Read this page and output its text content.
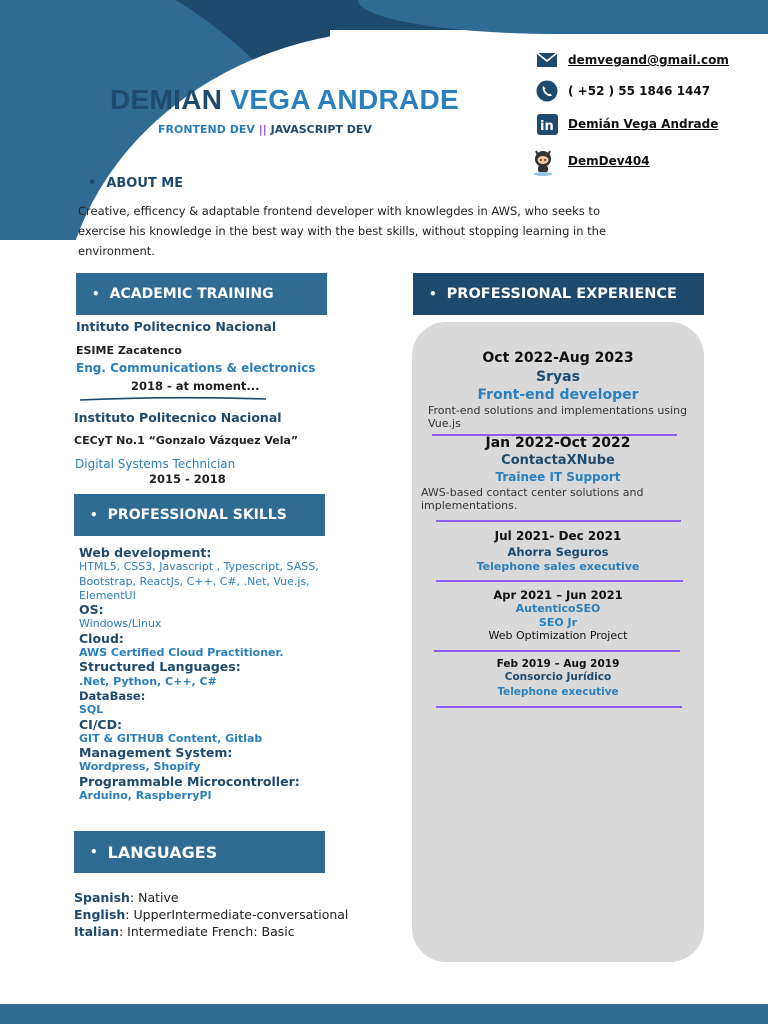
DEMIAN VEGA ANDRADE
FRONTEND DEV || JAVASCRIPT DEV
demvegand@gmail.com
( +52 ) 55 1846 1447
in Demián Vega Andrade
DemDev404
• ABOUT ME
Creative, efficency & adaptable frontend developer with knowlegdes in AWS, who seeks to exercise his knowledge in the best way with the best skills, without stopping learning in the environment.
• ACADEMIC TRAINING
Intituto Politecnico Nacional
ESIME Zacatenco
Eng. Communications & electronics
2018 - at moment...
Instituto Politecnico Nacional
CECyT No.1 “Gonzalo Vázquez Vela”
Digital Systems Technician
2015 - 2018
• PROFESSIONAL SKILLS
Web development:
HTML5, CSS3, Javascript , Typescript, SASS, Bootstrap, ReactJs, C++, C#, .Net, Vue.js, ElementUI
OS:
Windows/Linux
Cloud:
AWS Certified Cloud Practitioner.
Structured Languages:
.Net, Python, C++, C#
DataBase:
SQL
CI/CD:
GIT & GITHUB Content, Gitlab
Management System:
Wordpress, Shopify
Programmable Microcontroller:
Arduino, RaspberryPI
• LANGUAGES
Spanish: Native
English: UpperIntermediate-conversational
Italian: Intermediate French: Basic
• PROFESSIONAL EXPERIENCE
Oct 2022-Aug 2023
Sryas
Front-end developer
Front-end solutions and implementations using Vue.js
Jan 2022-Oct 2022
ContactaXNube
Trainee IT Support
AWS-based contact center solutions and implementations.
Jul 2021- Dec 2021
Ahorra Seguros
Telephone sales executive
Apr 2021 – Jun 2021
AutenticoSEO
SEO Jr
Web Optimization Project
Feb 2019 – Aug 2019
Consorcio Jurídico
Telephone executive
